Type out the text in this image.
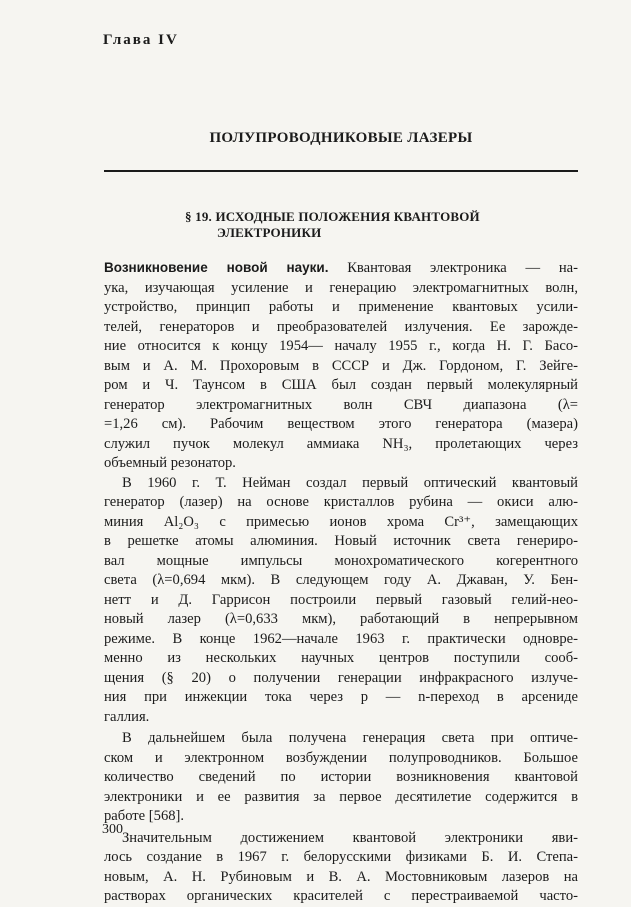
Глава IV
ПОЛУПРОВОДНИКОВЫЕ ЛАЗЕРЫ
§ 19. ИСХОДНЫЕ ПОЛОЖЕНИЯ КВАНТОВОЙ
ЭЛЕКТРОНИКИ
Возникновение новой науки. Квантовая электроника — на-
ука, изучающая усиление и генерацию электромагнитных волн,
устройство, принцип работы и применение квантовых усили-
телей, генераторов и преобразователей излучения. Ее зарожде-
ние относится к концу 1954— началу 1955 г., когда Н. Г. Басо-
вым и А. М. Прохоровым в СССР и Дж. Гордоном, Г. Зейге-
ром и Ч. Таунсом в США был создан первый молекулярный
генератор электромагнитных волн СВЧ диапазона (λ=
=1,26 см). Рабочим веществом этого генератора (мазера)
служил пучок молекул аммиака NH₃, пролетающих через
объемный резонатор.
В 1960 г. Т. Нейман создал первый оптический квантовый
генератор (лазер) на основе кристаллов рубина — окиси алю-
миния Al₂O₃ с примесью ионов хрома Cr³⁺, замещающих
в решетке атомы алюминия. Новый источник света генериро-
вал мощные импульсы монохроматического когерентного
света (λ=0,694 мкм). В следующем году А. Джаван, У. Бен-
нетт и Д. Гаррисон построили первый газовый гелий-нео-
новый лазер (λ=0,633 мкм), работающий в непрерывном
режиме. В конце 1962—начале 1963 г. практически одновре-
менно из нескольких научных центров поступили сооб-
щения (§ 20) о получении генерации инфракрасного излуче-
ния при инжекции тока через p — n-переход в арсениде
галлия.
В дальнейшем была получена генерация света при оптиче-
ском и электронном возбуждении полупроводников. Большое
количество сведений по истории возникновения квантовой
электроники и ее развития за первое десятилетие содержится в
работе [568].
Значительным достижением квантовой электроники яви-
лось создание в 1967 г. белорусскими физиками Б. И. Степа-
новым, А. Н. Рубиновым и В. А. Мостовниковым лазеров на
растворах органических красителей с перестраиваемой часто-
300
